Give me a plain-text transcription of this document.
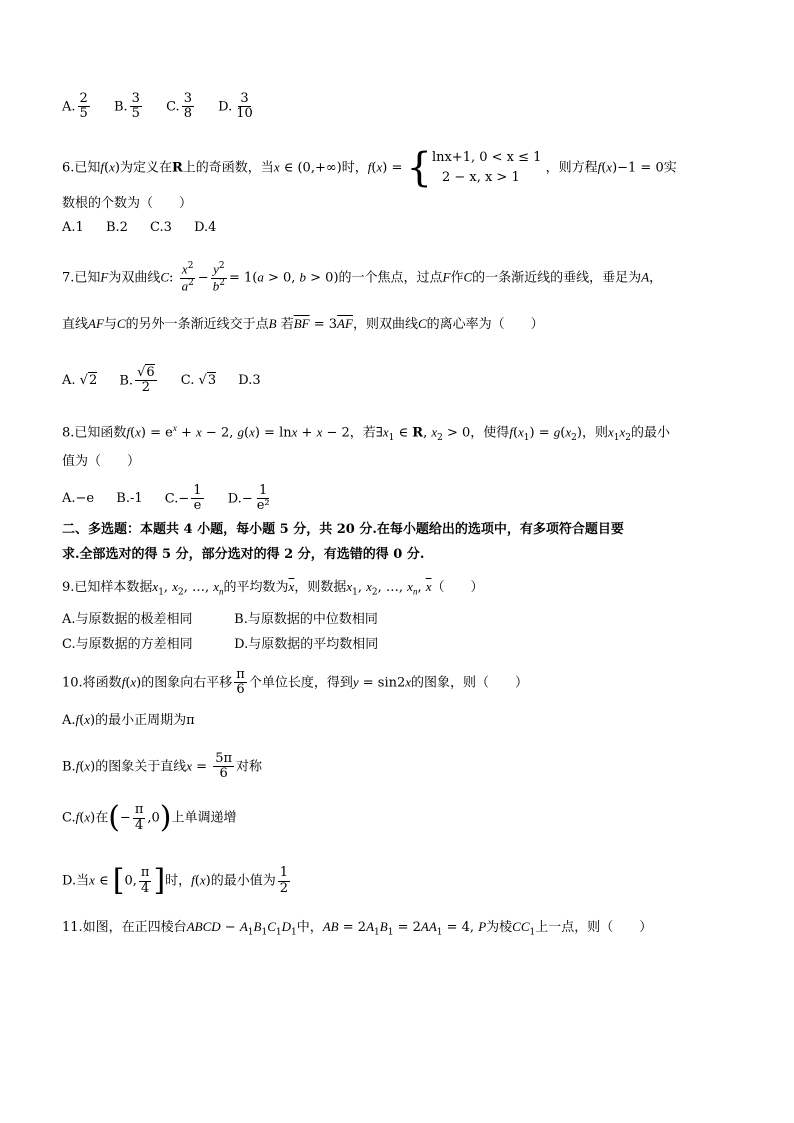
A. $\frac{2}{5} B$. $\frac{3}{5} C$. $\frac{3}{8} D$. $\frac{3}{10}$
6.已知f(x)为定义在R上的奇函数，当x ∈ (0,+∞)时，f(x) = { lnx+1, 0 < x ≤ 1
2 − x, x > 1
，则方程f(x)−1 = 0实
数根的个数为（　　）
A.1 B.2 C.3 D.4
7.已知F为双曲线C: $\frac{x^2}{a^2} - \frac{y^2}{b^2} = 1(a > 0$, b > 0)的一个焦点，过点F作C的一条渐近线的垂线，垂足为A，
直线AF与C的另外一条渐近线交于点B 若$\overline{BF} = 3\overline{AF}$，则双曲线C的离心率为（　　）
A. √2 B. $\frac{√6}{2} C$. √3 D.3
8.已知函数$f(x) = e^x + x - 2$, g(x) = lnx + x − 2，若$\exists x_1$ ∈ R, $x_2 > 0$，使得$f(x_1) = g(x_2)$，则$x_1x_2$的最小
值为（　　）
A.−e B.-1 $C.- \frac{1}{e} D.- \frac{1}{\text{e²}}$
二、多选题：本题共 4 小题，每小题 5 分，共 20 分.在每小题给出的选项中，有多项符合题目要
求.全部选对的得 5 分，部分选对的得 2 分，有选错的得 0 分.
9.已知样本数据$x_1$, $x_2$, …, $x_n$的平均数为$\overline{x}$，则数据$x_1$, $x_2$, …, $x_n$, $\overline{x}$（　　）
A.与原数据的极差相同	B.与原数据的中位数相同
C.与原数据的方差相同	D.与原数据的平均数相同
10.将函数f(x)的图象向右平移 $\frac{\pi}{6}$ 个单位长度，得到y = sin2x的图象，则（　　）
A.f(x)的最小正周期为π
B.f(x)的图象关于直线$x = \frac{5\pi}{6}$ 对称
C.f(x)在(− $\frac{\pi}{4} ,0$)上单调递增
D.当x ∈ [0, $\frac{\pi}{4}$ ]时，f(x)的最小值为 $\frac{1}{2}$
11.如图，在正四棱台ABCD − $A_1B_1C_1D_1$中，AB = $2A_1B_1 = 2AA_1 = 4$, P为棱$CC_1$上一点，则（　　）
